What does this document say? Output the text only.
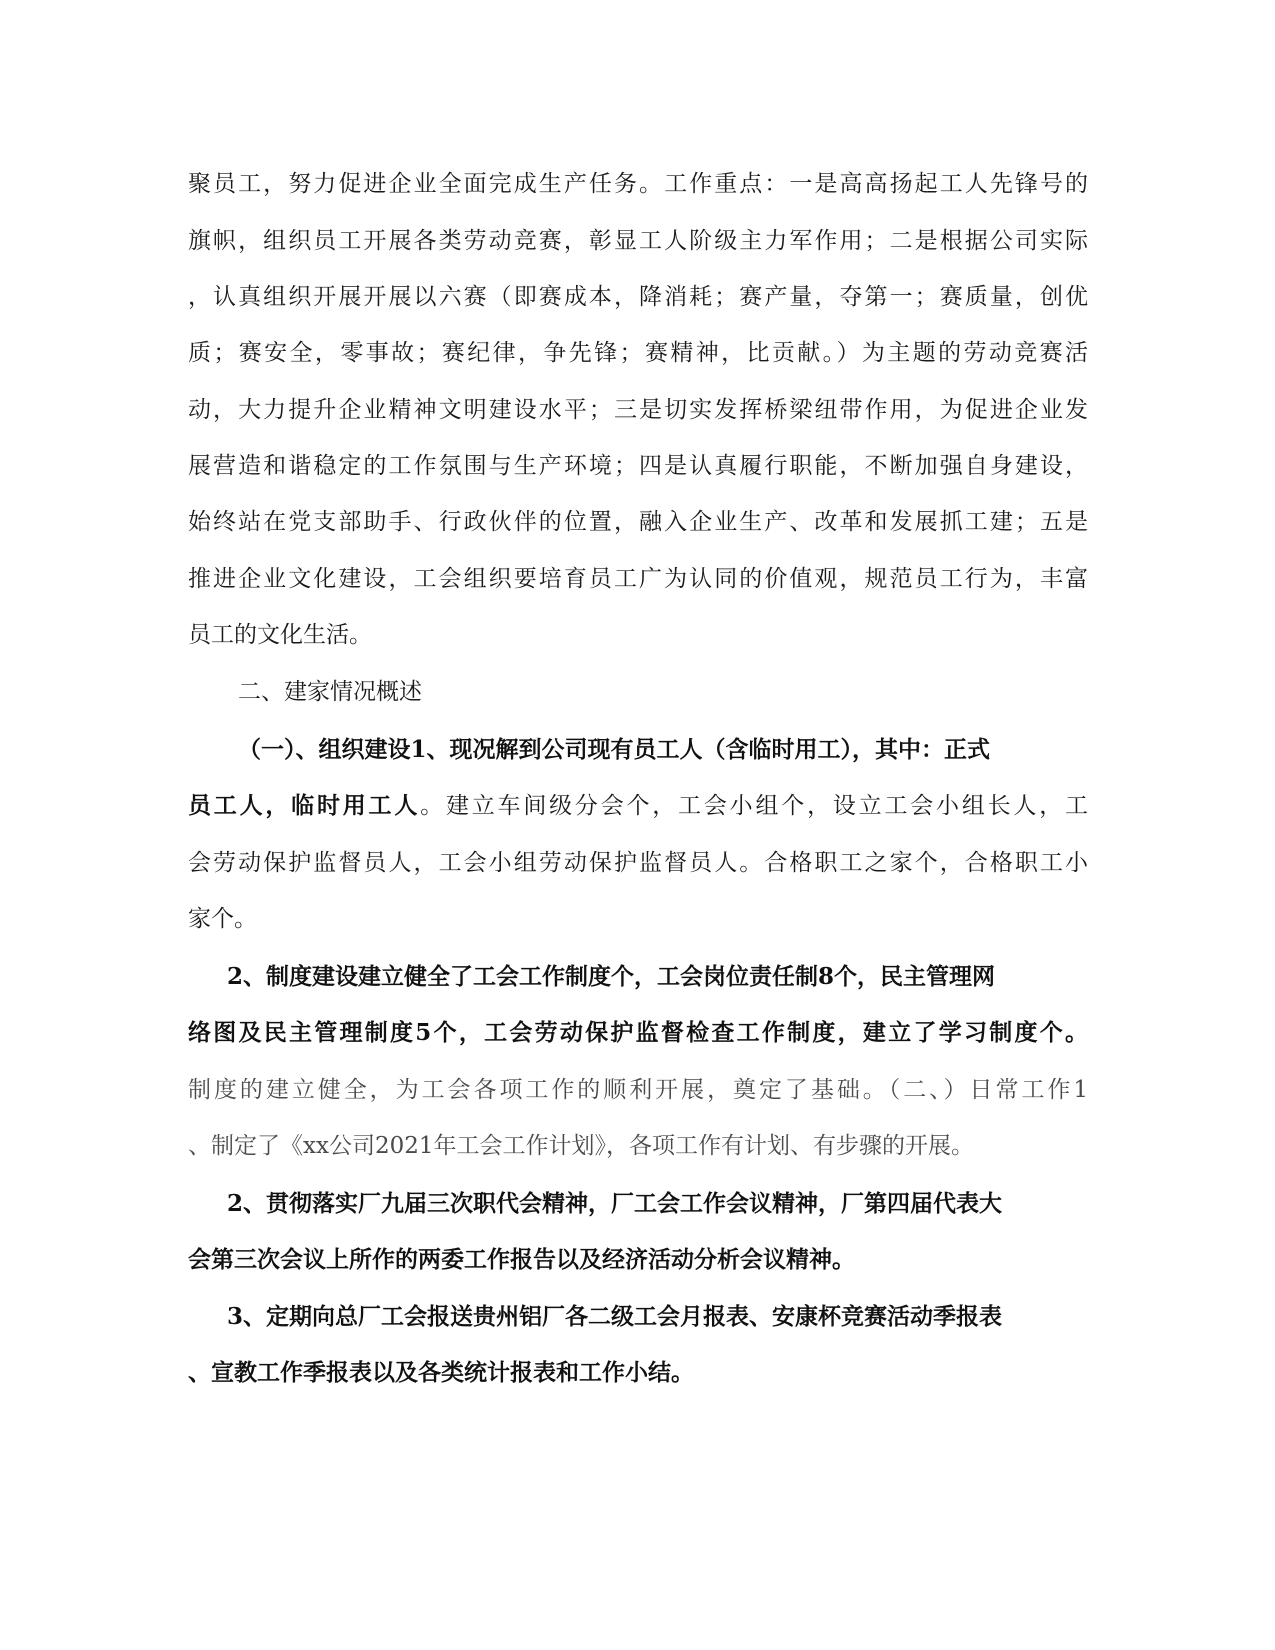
聚员工，努力促进企业全面完成生产任务。工作重点：一是高高扬起工人先锋号的
旗帜，组织员工开展各类劳动竞赛，彰显工人阶级主力军作用；二是根据公司实际
，认真组织开展开展以六赛（即赛成本，降消耗；赛产量，夺第一；赛质量，创优
质；赛安全，零事故；赛纪律，争先锋；赛精神，比贡献。）为主题的劳动竞赛活
动，大力提升企业精神文明建设水平；三是切实发挥桥梁纽带作用，为促进企业发
展营造和谐稳定的工作氛围与生产环境；四是认真履行职能，不断加强自身建设，
始终站在党支部助手、行政伙伴的位置，融入企业生产、改革和发展抓工建；五是
推进企业文化建设，工会组织要培育员工广为认同的价值观，规范员工行为，丰富
员工的文化生活。
二、建家情况概述
（一）、组织建设1、现况解到公司现有员工人（含临时用工），其中：正式
员工人，临时用工人。建立车间级分会个，工会小组个，设立工会小组长人，工
会劳动保护监督员人，工会小组劳动保护监督员人。合格职工之家个，合格职工小
家个。
2、制度建设建立健全了工会工作制度个，工会岗位责任制8个，民主管理网
络图及民主管理制度5个，工会劳动保护监督检查工作制度，建立了学习制度个。
制度的建立健全，为工会各项工作的顺利开展，奠定了基础。（二、）日常工作1
、制定了《xx公司2021年工会工作计划》，各项工作有计划、有步骤的开展。
2、贯彻落实厂九届三次职代会精神，厂工会工作会议精神，厂第四届代表大
会第三次会议上所作的两委工作报告以及经济活动分析会议精神。
3、定期向总厂工会报送贵州铝厂各二级工会月报表、安康杯竞赛活动季报表
、宣教工作季报表以及各类统计报表和工作小结。
